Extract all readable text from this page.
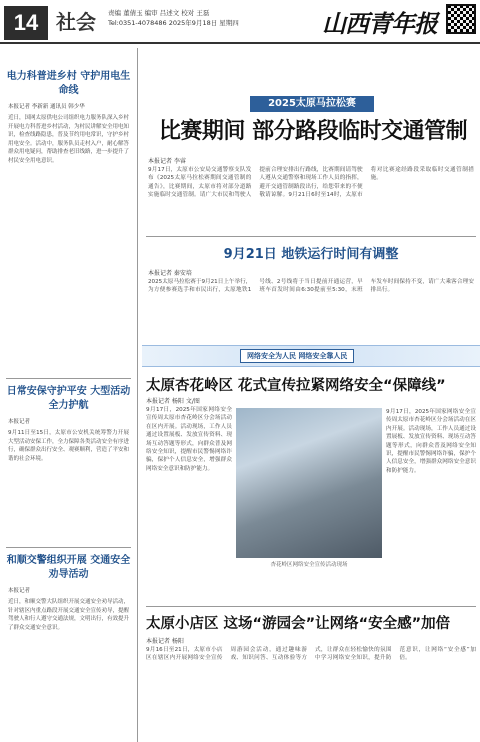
14 社会 责编 董倩玉 编审 吕述文 校对 王磊
Tel:0351-4078486 2025年9月18日 星期四	山西青年报
电力科普进乡村 守护用电生命线
本报记者 李新新 通讯员 韩少华
近日，国网太原供电公司组织电力服务队深入乡村开展电力科普进乡村活动，为村民讲解安全用电知识，检查线路隐患，普及节约用电常识，守护乡村用电安全。活动中，服务队员走村入户，耐心解答群众用电疑问，帮助排查老旧线路，进一步提升了村民安全用电意识。
日常安保守护平安 大型活动全力护航
本报记者
9月11日至15日，太原市公安机关统筹警力开展大型活动安保工作，全力保障各类活动安全有序进行，确保群众出行安全、观赛顺利，营造了平安和谐的社会环境。
和顺交警组织开展 交通安全劝导活动
本报记者
近日，和顺交警大队组织开展交通安全劝导活动，针对辖区内重点路段开展交通安全宣传劝导，提醒驾驶人和行人遵守交通法规，文明出行，有效提升了群众交通安全意识。
2025太原马拉松赛
比赛期间 部分路段临时交通管制
本报记者 李睿
9月17日，太原市公安局交通警察支队发布《2025太原马拉松赛期间交通管制的通告》，比赛期间，太原市将对部分道路实施临时交通管制。请广大市民和驾驶人提前合理安排出行路线，比赛期间请驾驶人遵从交通警察和现场工作人员的指挥，避开交通管制路段出行，给您带来的不便敬请谅解。9月21日6时至14时，太原市将对比赛途经路段采取临时交通管制措施。
9月21日 地铁运行时间有调整
本报记者 秦安培
2025太原马拉松赛于9月21日上午举行，为方便参赛选手和市民出行，太原地铁1号线、2号线将于当日提前开通运营，早班车首发时间由6:30提前至5:30，末班车发车时间保持不变，请广大乘客合理安排出行。
网络安全为人民 网络安全靠人民
太原杏花岭区 花式宣传拉紧网络安全“保障线”
本报记者 杨阳 文/图
9月17日，2025年国家网络安全宣传周太原市杏花岭区分会场活动在区内开展。活动现场，工作人员通过设置展板、发放宣传资料、现场互动答题等形式，向群众普及网络安全知识，提醒市民警惕网络诈骗，保护个人信息安全，增强群众网络安全意识和防护能力。
杏花岭区网络安全宣传活动现场
9月17日，2025年国家网络安全宣传周太原市杏花岭区分会场活动在区内开展。活动现场，工作人员通过设置展板、发放宣传资料、现场互动答题等形式，向群众普及网络安全知识，提醒市民警惕网络诈骗，保护个人信息安全，增强群众网络安全意识和防护能力。
太原小店区 这场“游园会”让网络“安全感”加倍
本报记者 杨阳
9月16日至21日，太原市小店区在辖区内开展网络安全宣传周游园会活动，通过趣味游戏、知识问答、互动体验等方式，让群众在轻松愉快的氛围中学习网络安全知识，提升防范意识，让网络“安全感”加倍。
